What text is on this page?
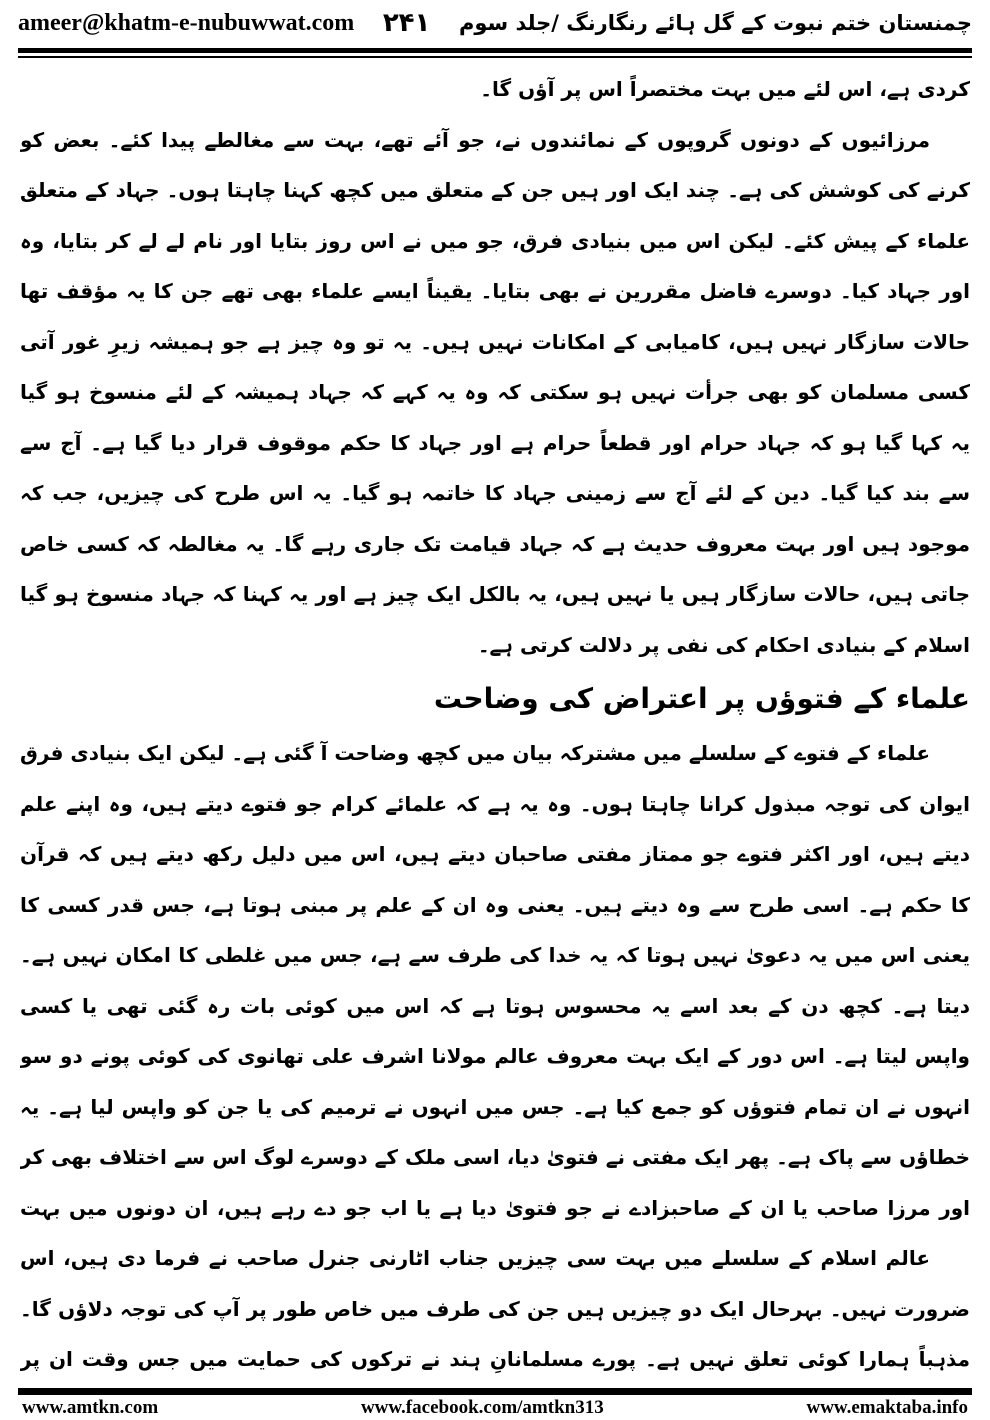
ameer@khatm-e-nubuwwat.com ۲۴۱ چمنستان ختم نبوت کے گل ہائے رنگارنگ /جلد سوم
کردی ہے، اس لئے میں بہت مختصراً اس پر آؤں گا۔
مرزائیوں کے دونوں گروپوں کے نمائندوں نے، جو آئے تھے، بہت سے مغالطے پیدا کئے۔ بعض کو
کرنے کی کوشش کی ہے۔ چند ایک اور ہیں جن کے متعلق میں کچھ کہنا چاہتا ہوں۔ جہاد کے متعلق
علماء کے پیش کئے۔ لیکن اس میں بنیادی فرق، جو میں نے اس روز بتایا اور نام لے لے کر بتایا، وہ
اور جہاد کیا۔ دوسرے فاضل مقررین نے بھی بتایا۔ یقیناً ایسے علماء بھی تھے جن کا یہ مؤقف تھا
حالات سازگار نہیں ہیں، کامیابی کے امکانات نہیں ہیں۔ یہ تو وہ چیز ہے جو ہمیشہ زیرِ غور آتی
کسی مسلمان کو بھی جرأت نہیں ہو سکتی کہ وہ یہ کہے کہ جہاد ہمیشہ کے لئے منسوخ ہو گیا
یہ کہا گیا ہو کہ جہاد حرام اور قطعاً حرام ہے اور جہاد کا حکم موقوف قرار دیا گیا ہے۔ آج سے
سے بند کیا گیا۔ دین کے لئے آج سے زمینی جہاد کا خاتمہ ہو گیا۔ یہ اس طرح کی چیزیں، جب کہ
موجود ہیں اور بہت معروف حدیث ہے کہ جہاد قیامت تک جاری رہے گا۔ یہ مغالطہ کہ کسی خاص
جاتی ہیں، حالات سازگار ہیں یا نہیں ہیں، یہ بالکل ایک چیز ہے اور یہ کہنا کہ جہاد منسوخ ہو گیا
اسلام کے بنیادی احکام کی نفی پر دلالت کرتی ہے۔
علماء کے فتوؤں پر اعتراض کی وضاحت
علماء کے فتوے کے سلسلے میں مشترکہ بیان میں کچھ وضاحت آ گئی ہے۔ لیکن ایک بنیادی فرق
ایوان کی توجہ مبذول کرانا چاہتا ہوں۔ وہ یہ ہے کہ علمائے کرام جو فتوے دیتے ہیں، وہ اپنے علم
دیتے ہیں، اور اکثر فتوے جو ممتاز مفتی صاحبان دیتے ہیں، اس میں دلیل رکھ دیتے ہیں کہ قرآن
کا حکم ہے۔ اسی طرح سے وہ دیتے ہیں۔ یعنی وہ ان کے علم پر مبنی ہوتا ہے، جس قدر کسی کا
یعنی اس میں یہ دعویٰ نہیں ہوتا کہ یہ خدا کی طرف سے ہے، جس میں غلطی کا امکان نہیں ہے۔
دیتا ہے۔ کچھ دن کے بعد اسے یہ محسوس ہوتا ہے کہ اس میں کوئی بات رہ گئی تھی یا کسی
واپس لیتا ہے۔ اس دور کے ایک بہت معروف عالم مولانا اشرف علی تھانوی کی کوئی پونے دو سو
انہوں نے ان تمام فتوؤں کو جمع کیا ہے۔ جس میں انہوں نے ترمیم کی یا جن کو واپس لیا ہے۔ یہ
خطاؤں سے پاک ہے۔ پھر ایک مفتی نے فتویٰ دیا، اسی ملک کے دوسرے لوگ اس سے اختلاف بھی کر
اور مرزا صاحب یا ان کے صاحبزادے نے جو فتویٰ دیا ہے یا اب جو دے رہے ہیں، ان دونوں میں بہت
عالم اسلام کے سلسلے میں بہت سی چیزیں جناب اٹارنی جنرل صاحب نے فرما دی ہیں، اس
ضرورت نہیں۔ بہرحال ایک دو چیزیں ہیں جن کی طرف میں خاص طور پر آپ کی توجہ دلاؤں گا۔
مذہباً ہمارا کوئی تعلق نہیں ہے۔ پورے مسلمانانِ ہند نے ترکوں کی حمایت میں جس وقت ان پر
www.amtkn.com	www.facebook.com/amtkn313	www.emaktaba.info
